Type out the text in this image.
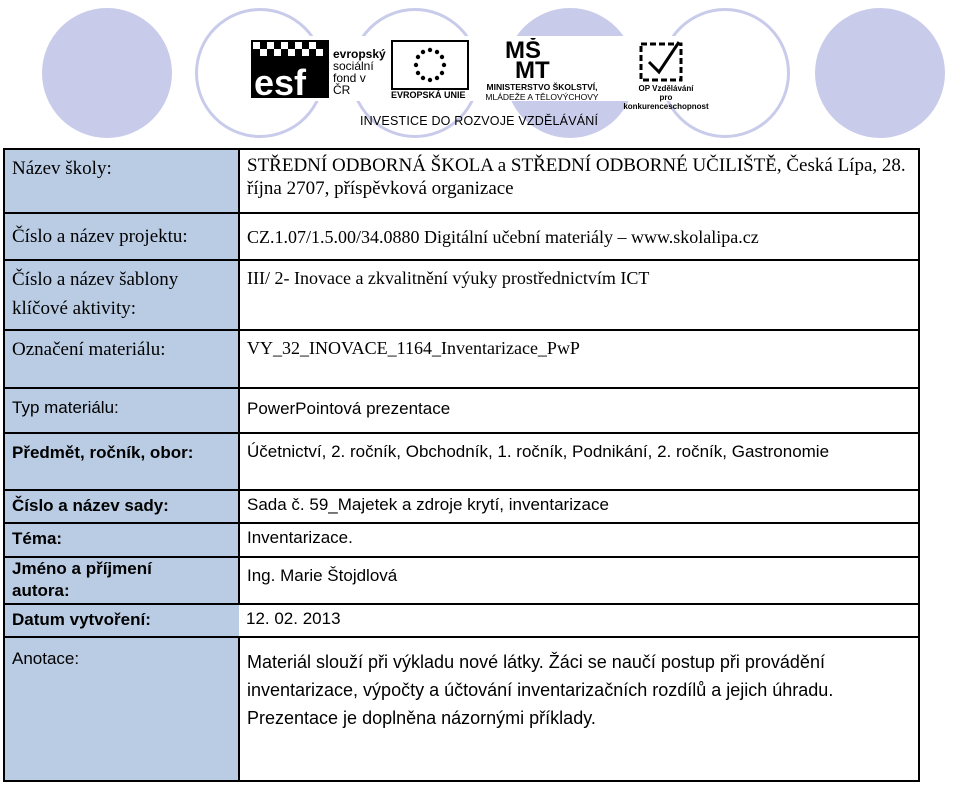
esf
evropský
sociální
fond v ČR	EVROPSKÁ UNIE
MŠ
MT
MINISTERSTVO ŠKOLSTVÍ,
MLÁDEŽE A TĚLOVÝCHOVY
OP Vzdělávání
pro konkurenceschopnost
INVESTICE DO ROZVOJE VZDĚLÁVÁNÍ
Název školy:	STŘEDNÍ ODBORNÁ ŠKOLA a STŘEDNÍ ODBORNÉ UČILIŠTĚ, Česká Lípa, 28. října 2707, příspěvková organizace

Číslo a název projektu:	CZ.1.07/1.5.00/34.0880 Digitální učební materiály – www.skolalipa.cz

Číslo a název šablony klíčové aktivity:	III/ 2- Inovace a zkvalitnění výuky prostřednictvím ICT

Označení materiálu:	VY_32_INOVACE_1164_Inventarizace_PwP

Typ materiálu:	PowerPointová prezentace

Předmět, ročník, obor:	Účetnictví, 2. ročník, Obchodník, 1. ročník, Podnikání, 2. ročník, Gastronomie

Číslo a název sady:	Sada č. 59_Majetek a zdroje krytí, inventarizace

Téma:	Inventarizace.

Jméno a příjmení autora:	Ing. Marie Štojdlová

Datum vytvoření:	12. 02. 2013

Anotace:	Materiál slouží při výkladu nové látky. Žáci se naučí postup při provádění inventarizace, výpočty a účtování inventarizačních rozdílů a jejich úhradu. Prezentace je doplněna názornými příklady.
